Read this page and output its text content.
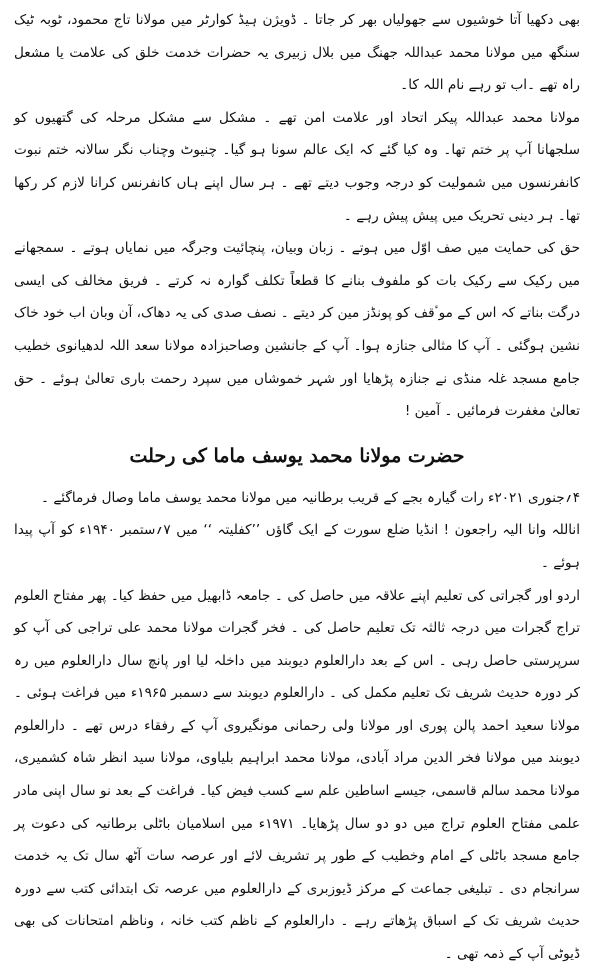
بھی دکھیا آتا خوشیوں سے جھولیاں بھر کر جاتا ۔ ڈویژن ہیڈ کوارٹر میں مولانا تاج محمود، ٹوبہ ٹیک سنگھ میں مولانا محمد عبداللہ جھنگ میں بلال زبیری یہ حضرات خدمت خلق کی علامت یا مشعل راہ تھے ۔اب تو رہے نام اللہ کا۔

مولانا محمد عبداللہ پیکر اتحاد اور علامت امن تھے ۔ مشکل سے مشکل مرحلہ کی گتھیوں کو سلجھانا آپ پر ختم تھا۔ وہ کیا گئے کہ ایک عالم سونا ہو گیا۔ چنیوٹ وچناب نگر سالانہ ختم نبوت کانفرنسوں میں شمولیت کو درجہ وجوب دیتے تھے ۔ ہر سال اپنے ہاں کانفرنس کرانا لازم کر رکھا تھا۔ ہر دینی تحریک میں پیش پیش رہے ۔

حق کی حمایت میں صف اوّل میں ہوتے ۔ زبان وبیان، پنچائیت وجرگہ میں نمایاں ہوتے ۔ سمجھانے میں رکیک سے رکیک بات کو ملفوف بنانے کا قطعاً تکلف گوارہ نہ کرتے ۔ فریق مخالف کی ایسی درگت بناتے کہ اس کے موٴقف کو پونڈز مین کر دیتے ۔ نصف صدی کی یہ دھاک، آن وبان اب خود خاک نشین ہوگئی ۔ آپ کا مثالی جنازہ ہوا۔ آپ کے جانشین وصاحبزادہ مولانا سعد اللہ لدھیانوی خطیب جامع مسجد غلہ منڈی نے جنازہ پڑھایا اور شہر خموشاں میں سپرد رحمت باری تعالیٰ ہوئے ۔ حق تعالیٰ مغفرت فرمائیں ۔ آمین !

حضرت مولانا محمد یوسف ماما کی رحلت

۴؍جنوری ۲۰۲۱ء رات گیارہ بجے کے قریب برطانیہ میں مولانا محمد یوسف ماما وصال فرماگئے ۔

اناللہ وانا الیہ راجعون ! انڈیا ضلع سورت کے ایک گاؤں ’’کفلیتہ ‘‘ میں ۷؍ستمبر ۱۹۴۰ء کو آپ پیدا ہوئے ۔

اردو اور گجراتی کی تعلیم اپنے علاقہ میں حاصل کی ۔ جامعہ ڈابھیل میں حفظ کیا۔ پھر مفتاح العلوم تراج گجرات میں درجہ ثالثہ تک تعلیم حاصل کی ۔ فخر گجرات مولانا محمد علی تراجی کی آپ کو سرپرستی حاصل رہی ۔ اس کے بعد دارالعلوم دیوبند میں داخلہ لیا اور پانچ سال دارالعلوم میں رہ کر دورہ حدیث شریف تک تعلیم مکمل کی ۔ دارالعلوم دیوبند سے دسمبر ۱۹۶۵ء میں فراغت ہوئی ۔ مولانا سعید احمد پالن پوری اور مولانا ولی رحمانی مونگیروی آپ کے رفقاء درس تھے ۔ دارالعلوم دیوبند میں مولانا فخر الدین مراد آبادی، مولانا محمد ابراہیم بلیاوی، مولانا سید انظر شاہ کشمیری، مولانا محمد سالم قاسمی، جیسے اساطین علم سے کسب فیض کیا۔ فراغت کے بعد نو سال اپنی مادر علمی مفتاح العلوم تراج میں دو دو سال پڑھایا۔ ۱۹۷۱ء میں اسلامیان باٹلی برطانیہ کی دعوت پر جامع مسجد باٹلی کے امام وخطیب کے طور پر تشریف لائے اور عرصہ سات آٹھ سال تک یہ خدمت سرانجام دی ۔ تبلیغی جماعت کے مرکز ڈیوزبری کے دارالعلوم میں عرصہ تک ابتدائی کتب سے دورہ حدیث شریف تک کے اسباق پڑھاتے رہے ۔ دارالعلوم کے ناظم کتب خانہ ، وناظم امتحانات کی بھی ڈیوٹی آپ کے ذمہ تھی ۔
